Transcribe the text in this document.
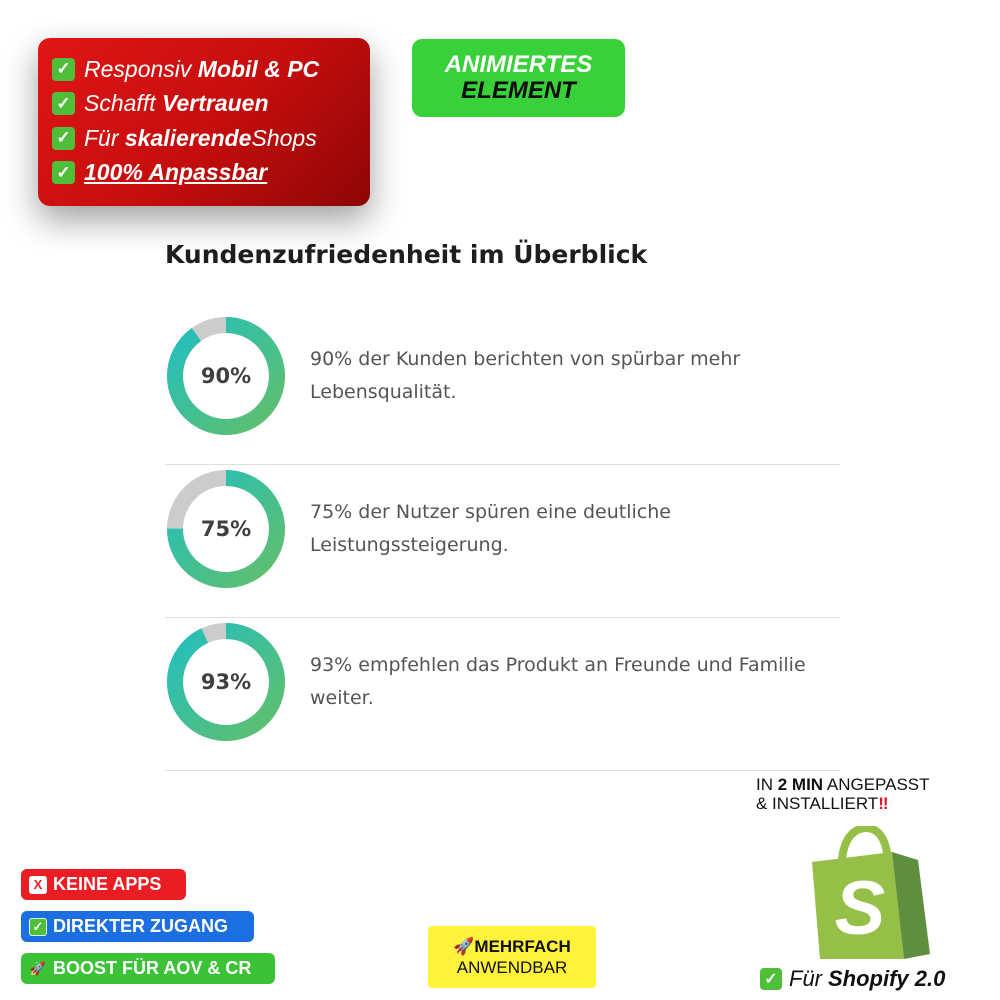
✓ Responsiv
Mobil & PC
✓ Schafft
Vertrauen
✓ Für
skalierende Shops
✓ 100% Anpassbar
ANIMIERTES
ELEMENT
Kundenzufriedenheit im Überblick
90%

90% der Kunden berichten von spürbar mehr Lebensqualität.

75%

75% der Nutzer spüren eine deutliche Leistungssteigerung.

93%

93% empfehlen das Produkt an Freunde und Familie weiter.

IN 2 MIN ANGEPASST
& INSTALLIERT‼
S
✓ Für Shopify 2.0
X KEINE APPS
✓ DIREKTER ZUGANG
🚀 BOOST FÜR AOV & CR
🚀MEHRFACH
ANWENDBAR
